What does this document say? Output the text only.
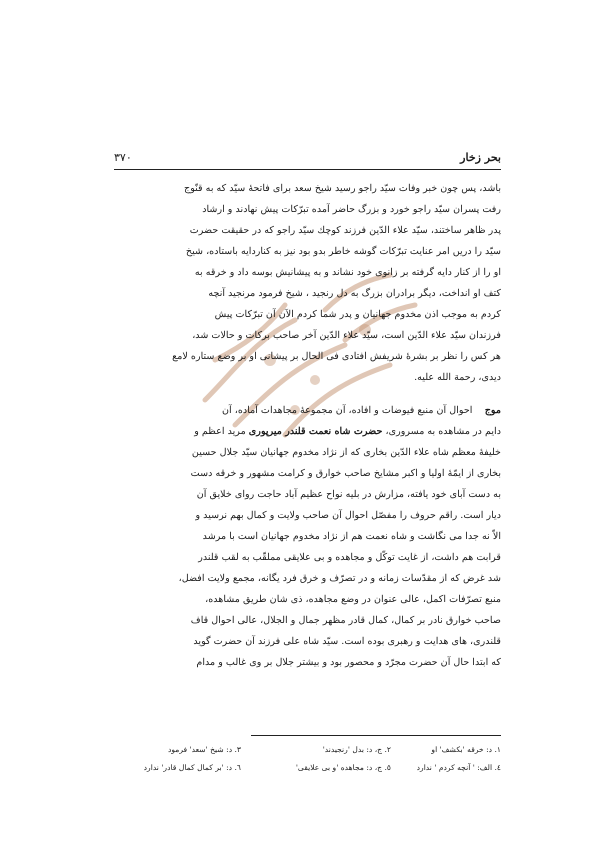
٣٧٠	بحر زخار
باشد، پس چون خبر وفات سیّد راجو رسید شیخ سعد برای فاتحهٔ سیّد که به قنّوج
رفت پسران سیّد راجو خورد و بزرگ حاضر آمده تبرّکات پیش نهادند و ارشاد
پدر ظاهر ساختند، سیّد علاء الدّین فرزند کوچك سیّد راجو که در حقیقت حضرت
سیّد را دریں امر عنایت تبرّکات گوشه خاطر بدو بود نیز به کناردایه باستاده، شیخ
او را از کنار دایه گرفته بر زانوی خود نشاند و به پیشانیش بوسه داد و خرقه به
کتف او انداخت، دیگر برادران بزرگ به دل رنجید ، شیخ فرمود مرنجید آنچه
کردم به موجب اذن مخدوم جهانیان و پدر شما کردم الآن آن تبرّکات پیش
فرزندان سیّد علاء الدّین است، سیّد علاء الدّین آخر صاحب برکات و حالات شد،
هر کس را نظر بر بشرهٔ شریفش افتادی فی الحال بر پیشانی او بر وضع ستاره لامع
دیدی، رحمة الله علیه.
موج    احوال آن منبع فیوضات و افاده، آن مجموعهٔ مجاهدات آماده، آن
دایم در مشاهده به مسروری، حضرت شاه نعمت قلندر میرپوری مرید اعظم و
خلیفهٔ معظم شاه علاء الدّین بخاری که از نژاد مخدوم جهانیان سیّد جلال حسین
بخاری از ایمّهٔ اولیا و اکبر مشایخ صاحب خوارق و کرامت مشهور و خرقه دست
به دست آبای خود یافته، مزارش در بلیه نواح عظیم آباد حاجت روای خلایق آن
دیار است. راقم حروف را مفصّل احوال آن صاحب ولایت و کمال بهم نرسید و
الاّ نه جدا می نگاشت و شاه نعمت هم از نژاد مخدوم جهانیان است با مرشد
قرابت هم داشت، از غایت توکّل و مجاهده و بی علایقی مملقّب به لقب قلندر
شد غرض که از مقدّسات زمانه و در تصرّف و خرق فرد یگانه، مجمع ولایت افضل،
منبع تصرّفات اکمل، عالی عنوان در وضع مجاهده، ذی شان طریق مشاهده،
صاحب خوارق نادر بر کمال، کمال قادر مظهر جمال و الجلال، عالی احوال قاف
قلندری، های هدایت و رهبری بوده است. سیّد شاه علی فرزند آن حضرت گوید
که ابتدا حال آن حضرت مجرّد و محصور بود و بیشتر جلال بر وی غالب و مدام
١. د: خرقه 'بکشف' او
٢. ج، د: بدل 'رنجیدند'
٣. د: شیخ 'سعد' فرمود
٤. الف: ' آنچه کردم ' ندارد
٥. ج، د: مجاهده 'و بی علایقی'
٦. د: 'بر کمال کمال قادر' ندارد
